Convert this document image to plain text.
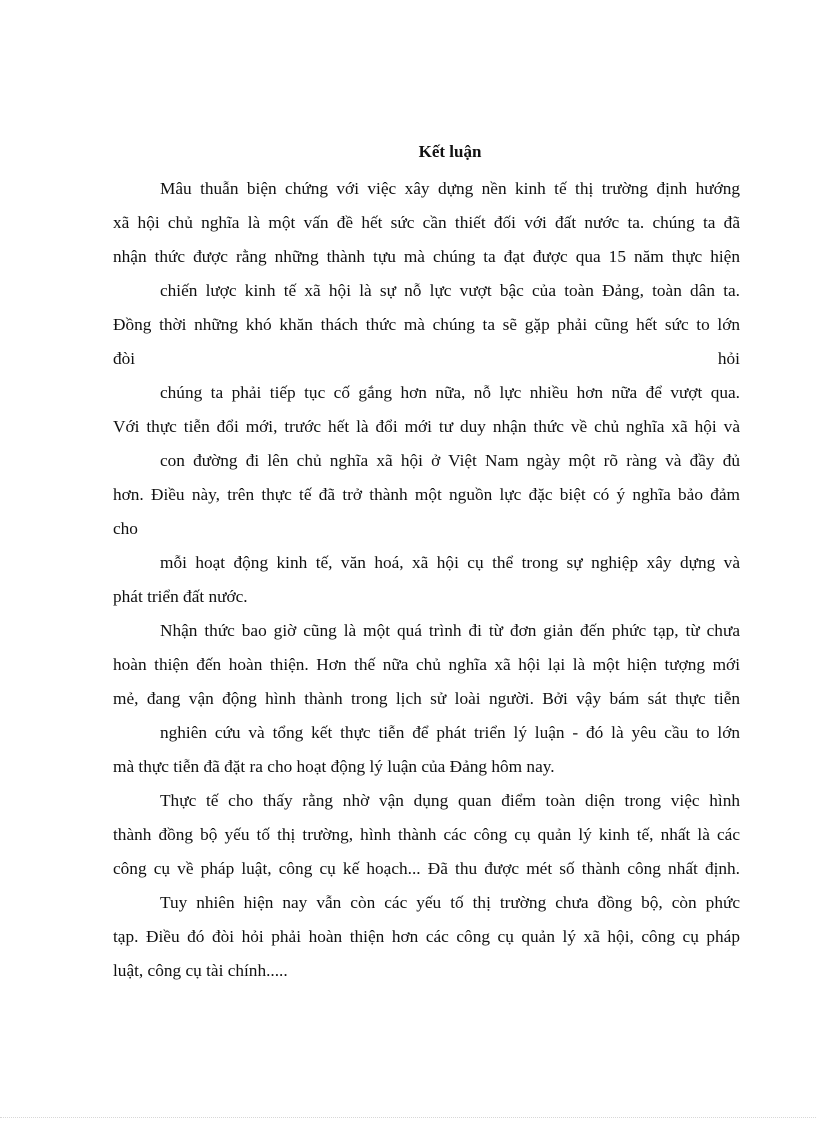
Kết luận
Mâu thuẫn biện chứng với việc xây dựng nền kinh tế thị trường định hướng
xã hội chủ nghĩa là một vấn đề hết sức cần thiết đối với đất nước ta. chúng ta đã
nhận thức được rằng những thành tựu mà chúng ta đạt được qua 15 năm thực hiện
chiến lược kinh tế xã hội là sự nỗ lực vượt bậc của toàn Đảng, toàn dân ta.
Đồng thời những khó khăn thách thức mà chúng ta sẽ gặp phải cũng hết sức to lớn
đòi hỏi
chúng ta phải tiếp tục cố gắng hơn nữa, nỗ lực nhiều hơn nữa để vượt qua.
Với thực tiễn đổi mới, trước hết là đổi mới tư duy nhận thức về chủ nghĩa xã hội và
con đường đi lên chủ nghĩa xã hội ở Việt Nam ngày một rõ ràng và đầy đủ
hơn. Điều này, trên thực tế đã trở thành một nguồn lực đặc biệt có ý nghĩa bảo đảm
cho
mỗi hoạt động kinh tế, văn hoá, xã hội cụ thể trong sự nghiệp xây dựng và
phát triển đất nước.
Nhận thức bao giờ cũng là một quá trình đi từ đơn giản đến phức tạp, từ chưa
hoàn thiện đến hoàn thiện. Hơn thế nữa chủ nghĩa xã hội lại là một hiện tượng mới
mẻ, đang vận động hình thành trong lịch sử loài người. Bởi vậy bám sát thực tiễn
nghiên cứu và tổng kết thực tiễn để phát triển lý luận - đó là yêu cầu to lớn
mà thực tiễn đã đặt ra cho hoạt động lý luận của Đảng hôm nay.
Thực tế cho thấy rằng nhờ vận dụng quan điểm toàn diện trong việc hình
thành đồng bộ yếu tố thị trường, hình thành các công cụ quản lý kinh tế, nhất là các
công cụ về pháp luật, công cụ kế hoạch... Đã thu được mét số thành công nhất định.
Tuy nhiên hiện nay vẫn còn các yếu tố thị trường chưa đồng bộ, còn phức
tạp. Điều đó đòi hỏi phải hoàn thiện hơn các công cụ quản lý xã hội, công cụ pháp
luật, công cụ tài chính.....
